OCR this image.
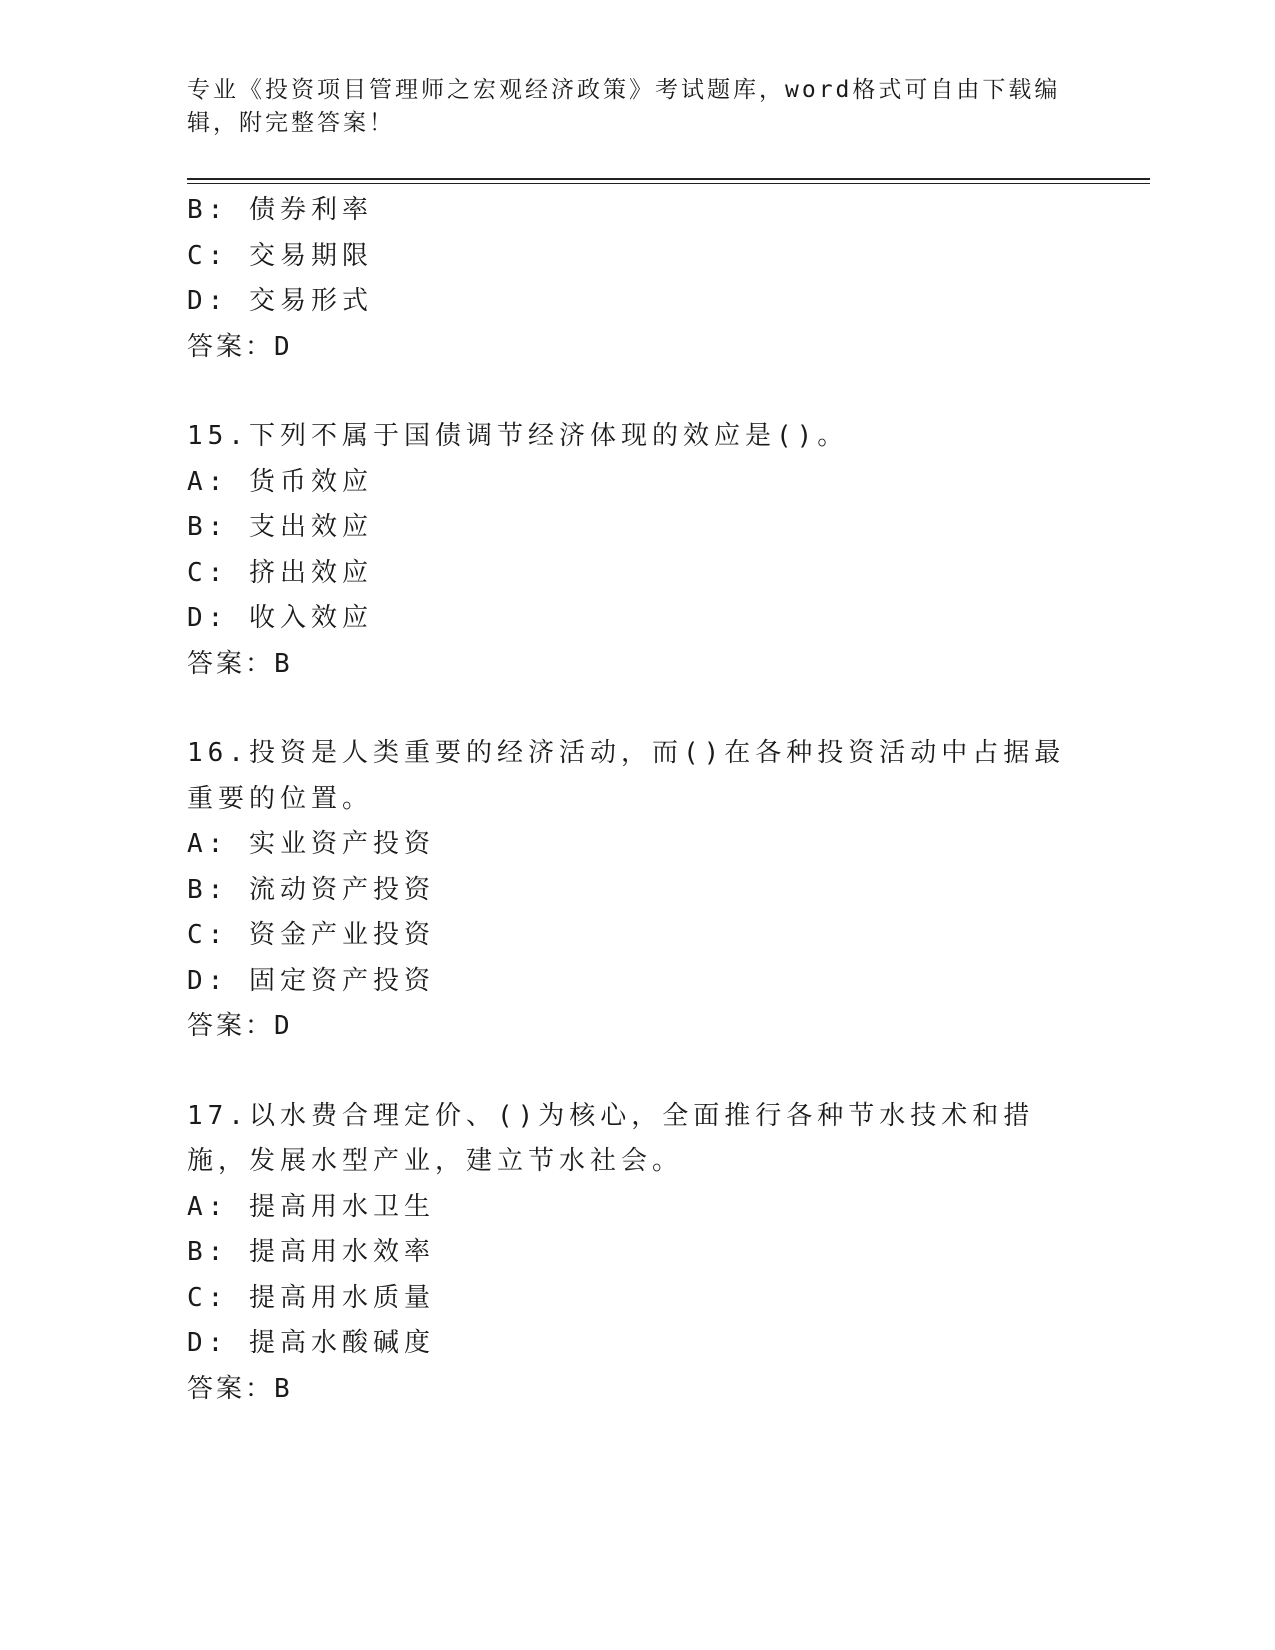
专业《投资项目管理师之宏观经济政策》考试题库，word格式可自由下载编辑，附完整答案！
B: 债券利率
C: 交易期限
D: 交易形式
答案：D
15.下列不属于国债调节经济体现的效应是()。
A: 货币效应
B: 支出效应
C: 挤出效应
D: 收入效应
答案：B
16.投资是人类重要的经济活动，而()在各种投资活动中占据最重要的位置。
A: 实业资产投资
B: 流动资产投资
C: 资金产业投资
D: 固定资产投资
答案：D
17.以水费合理定价、()为核心，全面推行各种节水技术和措施，发展水型产业，建立节水社会。
A: 提高用水卫生
B: 提高用水效率
C: 提高用水质量
D: 提高水酸碱度
答案：B
